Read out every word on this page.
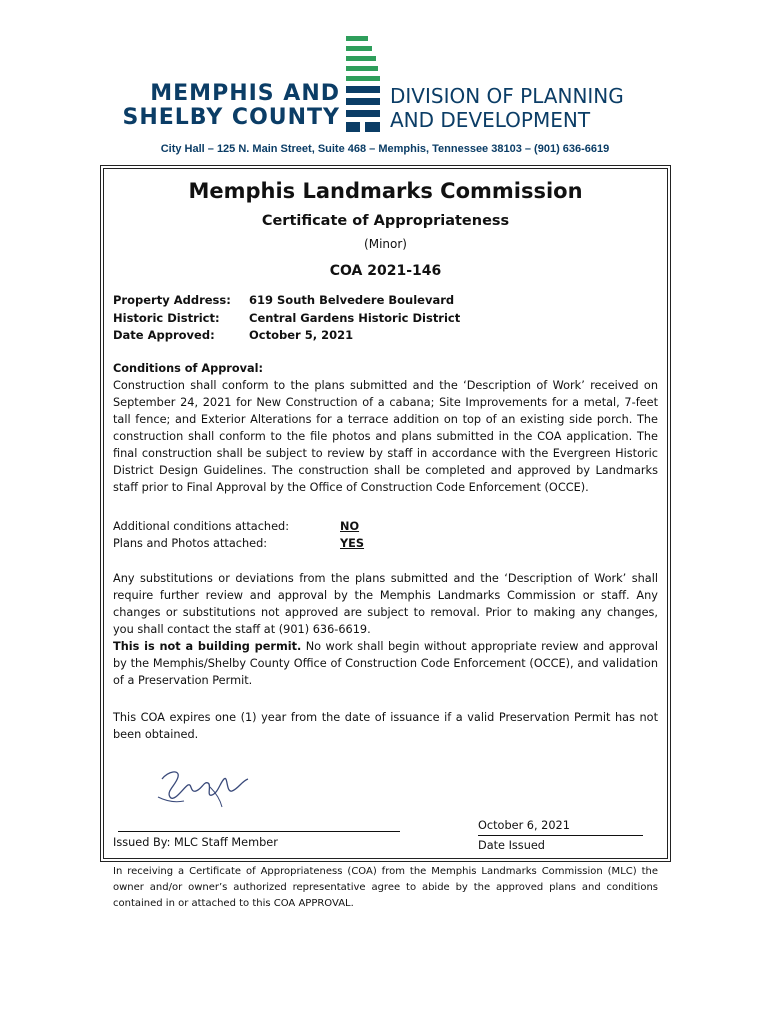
MEMPHIS AND
SHELBY COUNTY
DIVISION OF PLANNING
AND DEVELOPMENT
City Hall – 125 N. Main Street, Suite 468 – Memphis, Tennessee 38103 – (901) 636-6619
Memphis Landmarks Commission
Certificate of Appropriateness
(Minor)
COA 2021-146
Property Address:	619 South Belvedere Boulevard
Historic District:	Central Gardens Historic District
Date Approved:	October 5, 2021
Conditions of Approval:
Construction shall conform to the plans submitted and the ‘Description of Work’ received on September 24, 2021 for New Construction of a cabana; Site Improvements for a metal, 7-feet tall fence; and Exterior Alterations for a terrace addition on top of an existing side porch. The construction shall conform to the file photos and plans submitted in the COA application. The final construction shall be subject to review by staff in accordance with the Evergreen Historic District Design Guidelines. The construction shall be completed and approved by Landmarks staff prior to Final Approval by the Office of Construction Code Enforcement (OCCE).
Additional conditions attached:	NO
Plans and Photos attached:	YES
Any substitutions or deviations from the plans submitted and the ‘Description of Work’ shall require further review and approval by the Memphis Landmarks Commission or staff. Any changes or substitutions not approved are subject to removal. Prior to making any changes, you shall contact the staff at (901) 636-6619.
This is not a building permit. No work shall begin without appropriate review and approval by the Memphis/Shelby County Office of Construction Code Enforcement (OCCE), and validation of a Preservation Permit.
This COA expires one (1) year from the date of issuance if a valid Preservation Permit has not been obtained.
Issued By: MLC Staff Member
October 6, 2021
Date Issued
In receiving a Certificate of Appropriateness (COA) from the Memphis Landmarks Commission (MLC) the owner and/or owner’s authorized representative agree to abide by the approved plans and conditions contained in or attached to this COA APPROVAL.
